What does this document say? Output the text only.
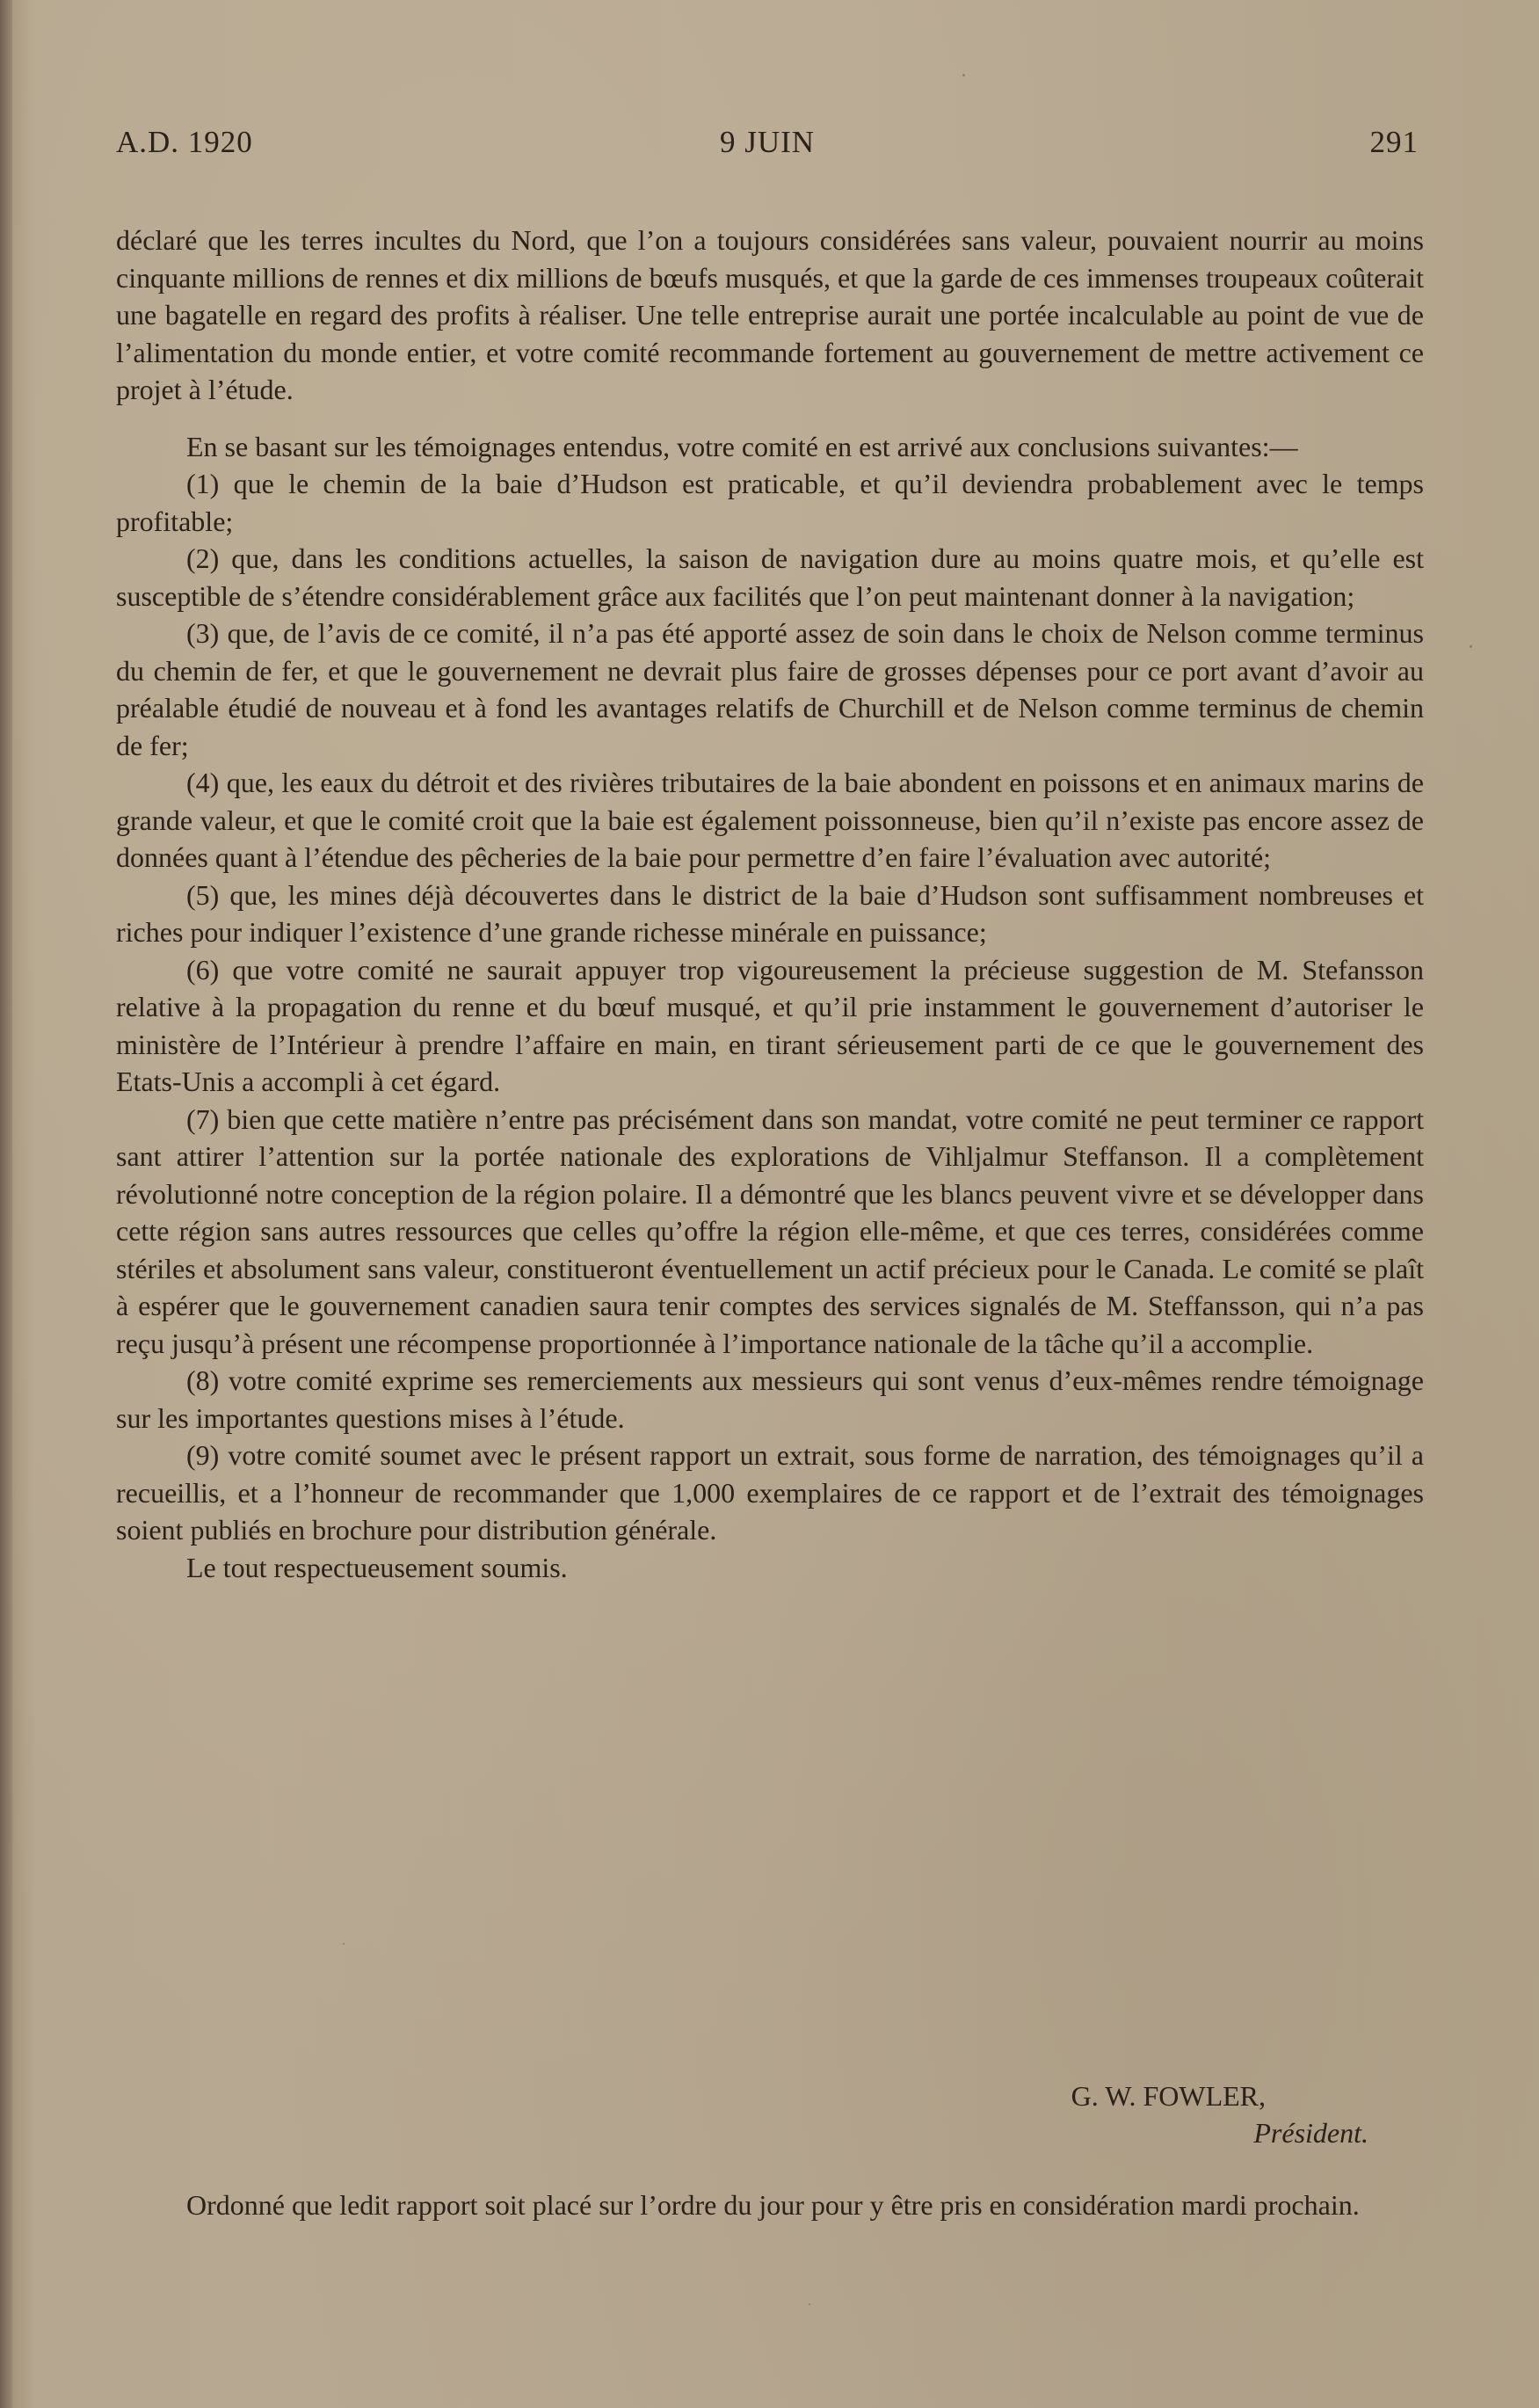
9 JUIN
A.D. 1920	291

déclaré que les terres incultes du Nord, que l’on a toujours considérées sans valeur, pouvaient nourrir au moins cinquante millions de rennes et dix millions de bœufs musqués, et que la garde de ces immenses troupeaux coûterait une bagatelle en regard des profits à réaliser. Une telle entreprise aurait une portée incalculable au point de vue de l’alimentation du monde entier, et votre comité recommande fortement au gouvernement de mettre activement ce projet à l’étude.

En se basant sur les témoignages entendus, votre comité en est arrivé aux conclusions suivantes:—

(1) que le chemin de la baie d’Hudson est praticable, et qu’il deviendra probablement avec le temps profitable;

(2) que, dans les conditions actuelles, la saison de navigation dure au moins quatre mois, et qu’elle est susceptible de s’étendre considérablement grâce aux facilités que l’on peut maintenant donner à la navigation;

(3) que, de l’avis de ce comité, il n’a pas été apporté assez de soin dans le choix de Nelson comme terminus du chemin de fer, et que le gouvernement ne devrait plus faire de grosses dépenses pour ce port avant d’avoir au préalable étudié de nouveau et à fond les avantages relatifs de Churchill et de Nelson comme terminus de chemin de fer;

(4) que, les eaux du détroit et des rivières tributaires de la baie abondent en poissons et en animaux marins de grande valeur, et que le comité croit que la baie est également poissonneuse, bien qu’il n’existe pas encore assez de données quant à l’étendue des pêcheries de la baie pour permettre d’en faire l’évaluation avec autorité;

(5) que, les mines déjà découvertes dans le district de la baie d’Hudson sont suffisamment nombreuses et riches pour indiquer l’existence d’une grande richesse minérale en puissance;

(6) que votre comité ne saurait appuyer trop vigoureusement la précieuse suggestion de M. Stefansson relative à la propagation du renne et du bœuf musqué, et qu’il prie instamment le gouvernement d’autoriser le ministère de l’Intérieur à prendre l’affaire en main, en tirant sérieusement parti de ce que le gouvernement des Etats-Unis a accompli à cet égard.

(7) bien que cette matière n’entre pas précisément dans son mandat, votre comité ne peut terminer ce rapport sant attirer l’attention sur la portée nationale des explorations de Vihljalmur Steffanson. Il a complètement révolutionné notre conception de la région polaire. Il a démontré que les blancs peuvent vivre et se développer dans cette région sans autres ressources que celles qu’offre la région elle-même, et que ces terres, considérées comme stériles et absolument sans valeur, constitueront éventuellement un actif précieux pour le Canada. Le comité se plaît à espérer que le gouvernement canadien saura tenir comptes des services signalés de M. Steffansson, qui n’a pas reçu jusqu’à présent une récompense proportionnée à l’importance nationale de la tâche qu’il a accomplie.

(8) votre comité exprime ses remerciements aux messieurs qui sont venus d’eux-mêmes rendre témoignage sur les importantes questions mises à l’étude.

(9) votre comité soumet avec le présent rapport un extrait, sous forme de narration, des témoignages qu’il a recueillis, et a l’honneur de recommander que 1,000 exemplaires de ce rapport et de l’extrait des témoignages soient publiés en brochure pour distribution générale.

Le tout respectueusement soumis.

G. W. FOWLER,
Président.
Ordonné que ledit rapport soit placé sur l’ordre du jour pour y être pris en considération mardi prochain.
